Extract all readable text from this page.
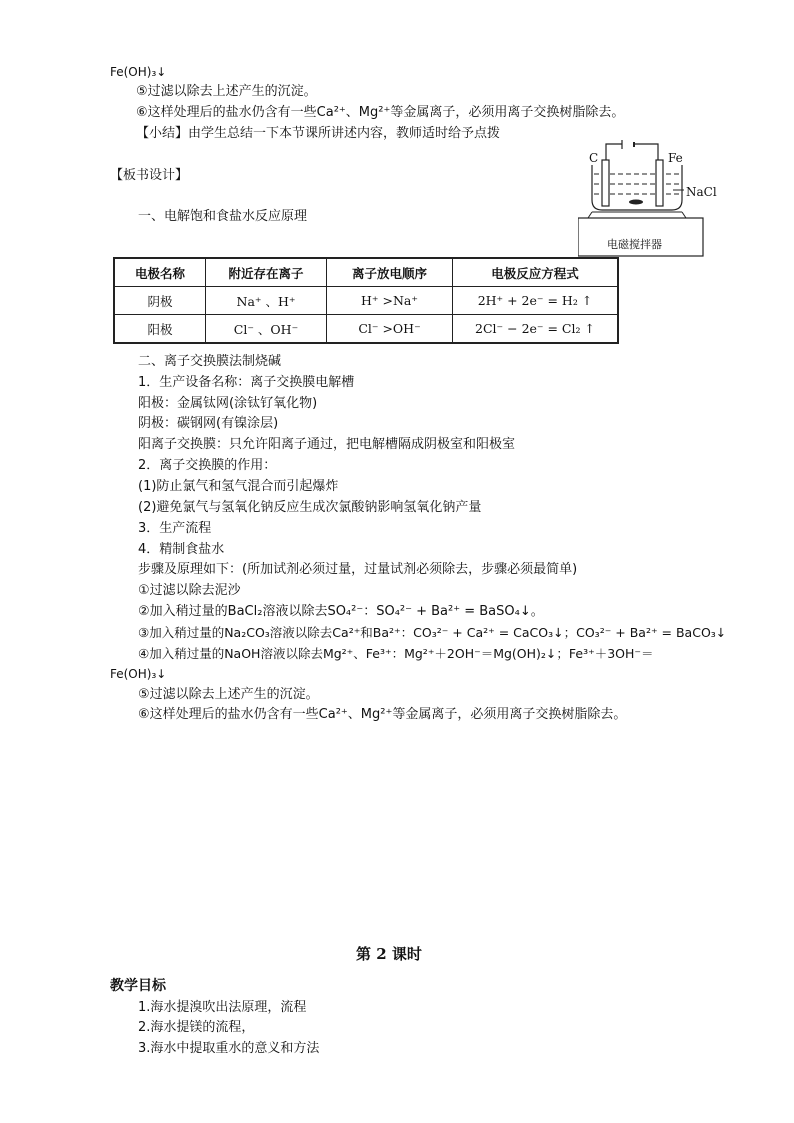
Fe(OH)₃↓
⑤过滤以除去上述产生的沉淀。
⑥这样处理后的盐水仍含有一些Ca²⁺、Mg²⁺等金属离子，必须用离子交换树脂除去。
【小结】由学生总结一下本节课所讲述内容，教师适时给予点拨
C	Fe
NaCl
电磁搅拌器
【板书设计】
一、电解饱和食盐水反应原理
电极名称	附近存在离子	离子放电顺序	电极反应方程式
阴极	Na⁺ 、H⁺	H⁺ >Na⁺	2H⁺ + 2e⁻ = H₂ ↑
阳极	Cl⁻ 、OH⁻	Cl⁻ >OH⁻	2Cl⁻ − 2e⁻ = Cl₂ ↑
二、离子交换膜法制烧碱
1．生产设备名称：离子交换膜电解槽
阳极：金属钛网(涂钛钌氧化物)
阴极：碳钢网(有镍涂层)
阳离子交换膜：只允许阳离子通过，把电解槽隔成阴极室和阳极室
2．离子交换膜的作用：
(1)防止氯气和氢气混合而引起爆炸
(2)避免氯气与氢氧化钠反应生成次氯酸钠影响氢氧化钠产量
3．生产流程
4．精制食盐水
步骤及原理如下：(所加试剂必须过量，过量试剂必须除去，步骤必须最简单)
①过滤以除去泥沙
②加入稍过量的BaCl₂溶液以除去SO₄²⁻：SO₄²⁻ + Ba²⁺ = BaSO₄↓。
③加入稍过量的Na₂CO₃溶液以除去Ca²⁺和Ba²⁺：CO₃²⁻ + Ca²⁺ = CaCO₃↓；CO₃²⁻ + Ba²⁺ = BaCO₃↓
④加入稍过量的NaOH溶液以除去Mg²⁺、Fe³⁺：Mg²⁺＋2OH⁻＝Mg(OH)₂↓；Fe³⁺＋3OH⁻＝
Fe(OH)₃↓
⑤过滤以除去上述产生的沉淀。
⑥这样处理后的盐水仍含有一些Ca²⁺、Mg²⁺等金属离子，必须用离子交换树脂除去。
第 2 课时
教学目标
1.海水提溴吹出法原理，流程
2.海水提镁的流程，
3.海水中提取重水的意义和方法
